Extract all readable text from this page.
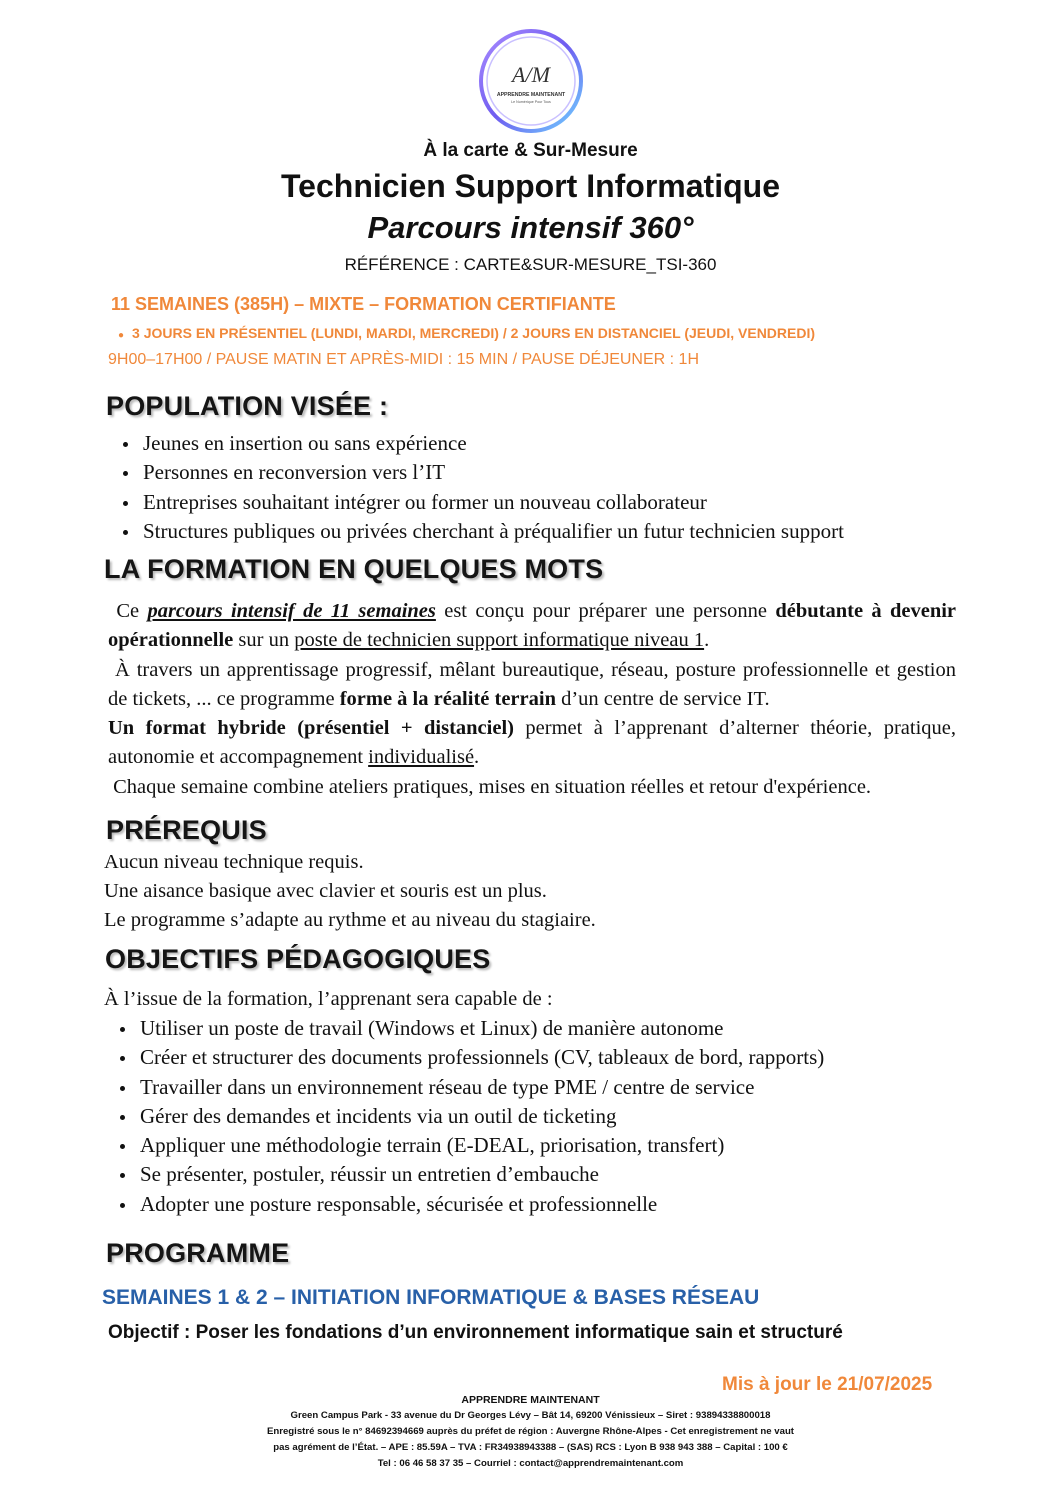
A/M
APPRENDRE MAINTENANT
Le Numérique Pour Tous
À la carte & Sur-Mesure
Technicien Support Informatique
Parcours intensif 360°
RÉFÉRENCE : CARTE&SUR-MESURE_TSI-360
11 SEMAINES (385H) – MIXTE – FORMATION CERTIFIANTE
● 3 JOURS EN PRÉSENTIEL (LUNDI, MARDI, MERCREDI) / 2 JOURS EN DISTANCIEL (JEUDI, VENDREDI)
9H00–17H00 / PAUSE MATIN ET APRÈS-MIDI : 15 MIN / PAUSE DÉJEUNER : 1H
POPULATION VISÉE :
Jeunes en insertion ou sans expérience
Personnes en reconversion vers l’IT
Entreprises souhaitant intégrer ou former un nouveau collaborateur
Structures publiques ou privées cherchant à préqualifier un futur technicien support
LA FORMATION EN QUELQUES MOTS

Ce parcours intensif de 11 semaines est conçu pour préparer une personne débutante à devenir opérationnelle sur un poste de technicien support informatique niveau 1.

À travers un apprentissage progressif, mêlant bureautique, réseau, posture professionnelle et gestion de tickets, ... ce programme forme à la réalité terrain d’un centre de service IT.

Un format hybride (présentiel + distanciel) permet à l’apprenant d’alterner théorie, pratique, autonomie et accompagnement individualisé.

Chaque semaine combine ateliers pratiques, mises en situation réelles et retour d'expérience.

PRÉREQUIS
Aucun niveau technique requis.
Une aisance basique avec clavier et souris est un plus.
Le programme s’adapte au rythme et au niveau du stagiaire.
OBJECTIFS PÉDAGOGIQUES
À l’issue de la formation, l’apprenant sera capable de :
Utiliser un poste de travail (Windows et Linux) de manière autonome
Créer et structurer des documents professionnels (CV, tableaux de bord, rapports)
Travailler dans un environnement réseau de type PME / centre de service
Gérer des demandes et incidents via un outil de ticketing
Appliquer une méthodologie terrain (E-DEAL, priorisation, transfert)
Se présenter, postuler, réussir un entretien d’embauche
Adopter une posture responsable, sécurisée et professionnelle
PROGRAMME
SEMAINES 1 & 2 – INITIATION INFORMATIQUE & BASES RÉSEAU
Objectif : Poser les fondations d’un environnement informatique sain et structuré
Mis à jour le 21/07/2025
APPRENDRE MAINTENANT
Green Campus Park - 33 avenue du Dr Georges Lévy – Bât 14, 69200 Vénissieux – Siret : 93894338800018
Enregistré sous le n° 84692394669 auprès du préfet de région : Auvergne Rhône-Alpes - Cet enregistrement ne vaut
pas agrément de l’État. – APE : 85.59A – TVA : FR34938943388 – (SAS) RCS : Lyon B 938 943 388 – Capital : 100 €
Tel : 06 46 58 37 35 – Courriel : contact@apprendremaintenant.com
